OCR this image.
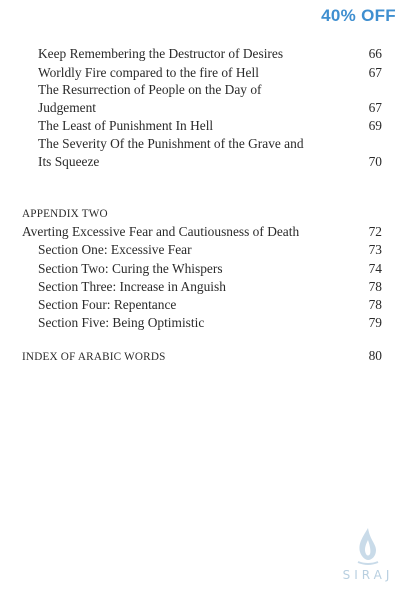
40% OFF
Keep Remembering the Destructor of Desires	66
Worldly Fire compared to the fire of Hell	67
The Resurrection of People on the Day of
Judgement	67
The Least of Punishment In Hell	69
The Severity Of the Punishment of the Grave and
Its Squeeze	70
APPENDIX TWO
Averting Excessive Fear and Cautiousness of Death	72
Section One: Excessive Fear	73
Section Two: Curing the Whispers	74
Section Three: Increase in Anguish	78
Section Four: Repentance	78
Section Five: Being Optimistic	79
INDEX OF ARABIC WORDS	80
SIRAJ
